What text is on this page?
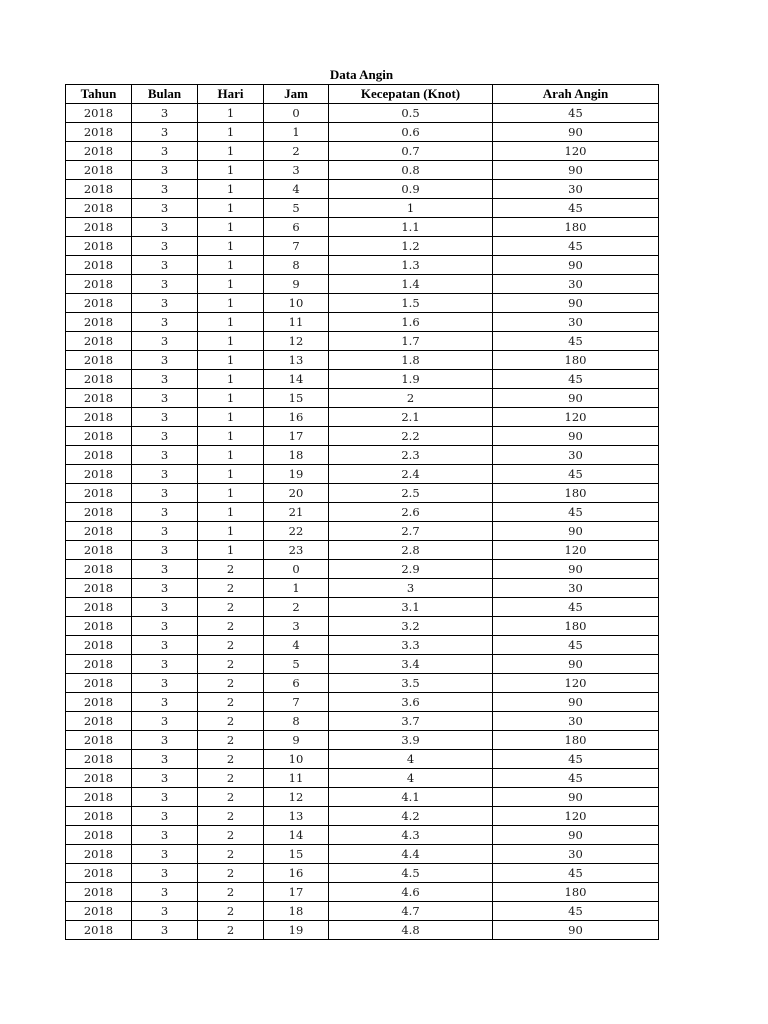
Data Angin
Tahun	Bulan	Hari	Jam	Kecepatan (Knot)	Arah Angin
2018	3	1	0	0.5	45
2018	3	1	1	0.6	90
2018	3	1	2	0.7	120
2018	3	1	3	0.8	90
2018	3	1	4	0.9	30
2018	3	1	5	1	45
2018	3	1	6	1.1	180
2018	3	1	7	1.2	45
2018	3	1	8	1.3	90
2018	3	1	9	1.4	30
2018	3	1	10	1.5	90
2018	3	1	11	1.6	30
2018	3	1	12	1.7	45
2018	3	1	13	1.8	180
2018	3	1	14	1.9	45
2018	3	1	15	2	90
2018	3	1	16	2.1	120
2018	3	1	17	2.2	90
2018	3	1	18	2.3	30
2018	3	1	19	2.4	45
2018	3	1	20	2.5	180
2018	3	1	21	2.6	45
2018	3	1	22	2.7	90
2018	3	1	23	2.8	120
2018	3	2	0	2.9	90
2018	3	2	1	3	30
2018	3	2	2	3.1	45
2018	3	2	3	3.2	180
2018	3	2	4	3.3	45
2018	3	2	5	3.4	90
2018	3	2	6	3.5	120
2018	3	2	7	3.6	90
2018	3	2	8	3.7	30
2018	3	2	9	3.9	180
2018	3	2	10	4	45
2018	3	2	11	4	45
2018	3	2	12	4.1	90
2018	3	2	13	4.2	120
2018	3	2	14	4.3	90
2018	3	2	15	4.4	30
2018	3	2	16	4.5	45
2018	3	2	17	4.6	180
2018	3	2	18	4.7	45
2018	3	2	19	4.8	90
